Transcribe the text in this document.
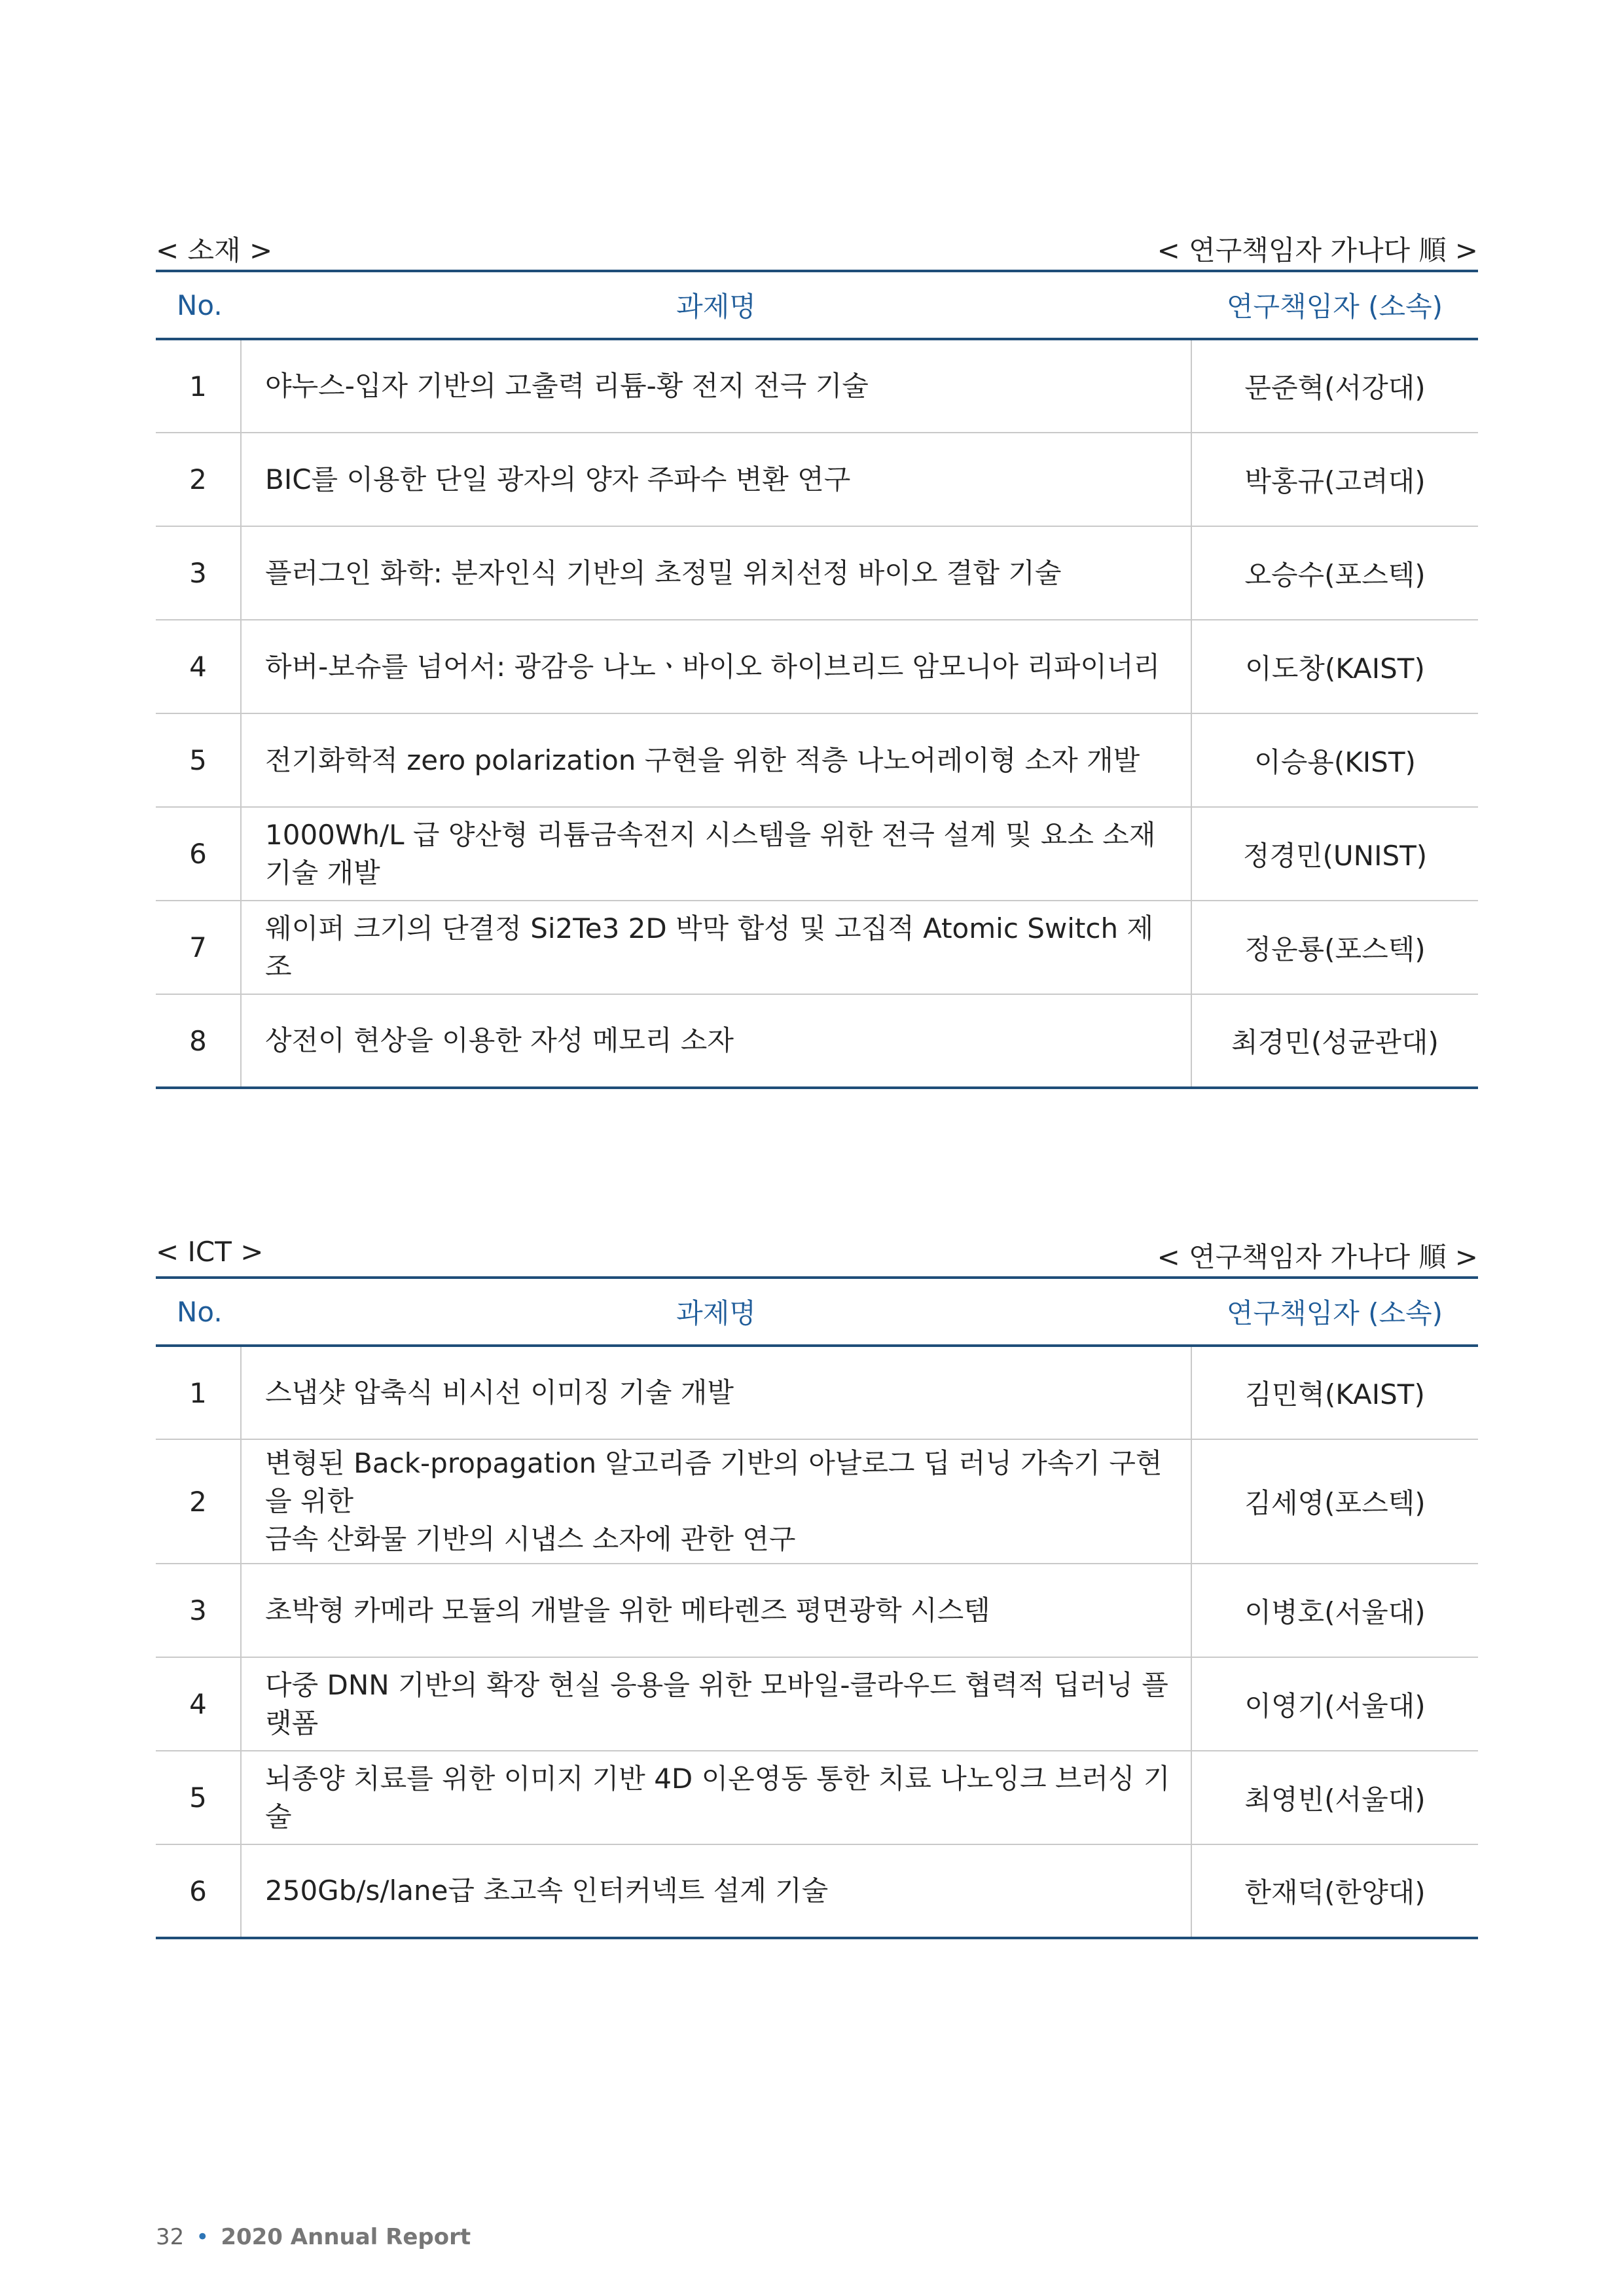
< 소재 >	< 연구책임자 가나다 順 >
No.	과제명	연구책임자 (소속)
1	야누스-입자 기반의 고출력 리튬-황 전지 전극 기술	문준혁(서강대)
2	BIC를 이용한 단일 광자의 양자 주파수 변환 연구	박홍규(고려대)
3	플러그인 화학: 분자인식 기반의 초정밀 위치선정 바이오 결합 기술	오승수(포스텍)
4	하버-보슈를 넘어서: 광감응 나노ㆍ바이오 하이브리드 암모니아 리파이너리	이도창(KAIST)
5	전기화학적 zero polarization 구현을 위한 적층 나노어레이형 소자 개발	이승용(KIST)
6	1000Wh/L 급 양산형 리튬금속전지 시스템을 위한 전극 설계 및 요소 소재 기술 개발	정경민(UNIST)
7	웨이퍼 크기의 단결정 Si2Te3 2D 박막 합성 및 고집적 Atomic Switch 제조	정운룡(포스텍)
8	상전이 현상을 이용한 자성 메모리 소자	최경민(성균관대)
< ICT >	< 연구책임자 가나다 順 >
No.	과제명	연구책임자 (소속)
1	스냅샷 압축식 비시선 이미징 기술 개발	김민혁(KAIST)
2	변형된 Back-propagation 알고리즘 기반의 아날로그 딥 러닝 가속기 구현을 위한
금속 산화물 기반의 시냅스 소자에 관한 연구	김세영(포스텍)
3	초박형 카메라 모듈의 개발을 위한 메타렌즈 평면광학 시스템	이병호(서울대)
4	다중 DNN 기반의 확장 현실 응용을 위한 모바일-클라우드 협력적 딥러닝 플랫폼	이영기(서울대)
5	뇌종양 치료를 위한 이미지 기반 4D 이온영동 통한 치료 나노잉크 브러싱 기술	최영빈(서울대)
6	250Gb/s/lane급 초고속 인터커넥트 설계 기술	한재덕(한양대)
32 • 2020 Annual Report
